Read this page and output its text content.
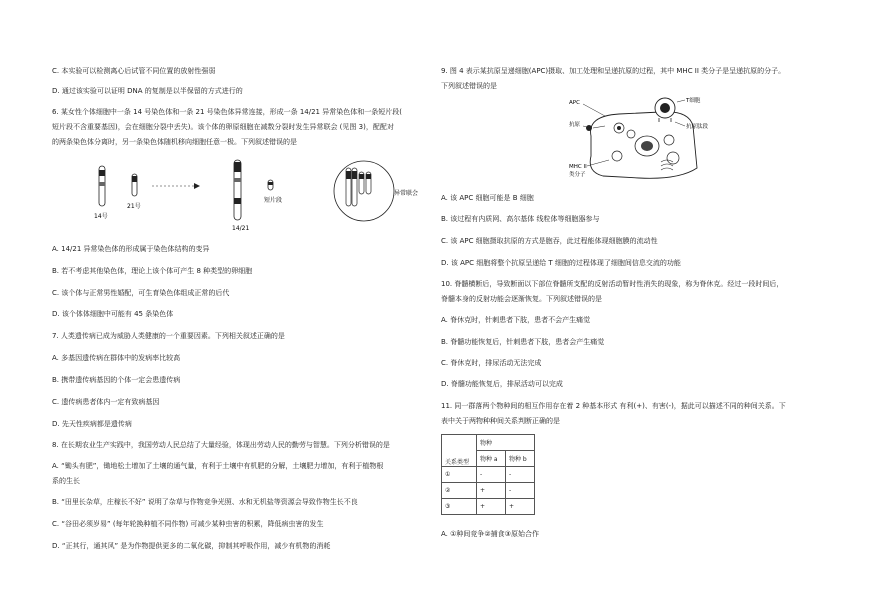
C. 本实验可以检测离心后试管不同位置的放射性强弱
D. 通过该实验可以证明 DNA 的复制是以半保留的方式进行的
6. 某女性个体细胞中一条 14 号染色体和一条 21 号染色体异常连接，形成一条 14/21 异常染色体和一条短片段(
短片段不含重要基因)，会在细胞分裂中丢失)。该个体的卵原细胞在减数分裂时发生异常联会 (见图 3)，配配对
的两条染色体分离时，另一条染色体随机移向细胞任意一极。下列叙述错误的是
14号
21号
14/21
短片段
异常联会
A. 14/21 异常染色体的形成属于染色体结构的变异
B. 若不考虑其他染色体，理论上该个体可产生 8 种类型的卵细胞
C. 该个体与正常男性婚配，可生育染色体组成正常的后代
D. 该个体体细胞中可能有 45 条染色体
7. 人类遗传病已成为威胁人类健康的一个重要因素。下列相关叙述正确的是
A. 多基因遗传病在群体中的发病率比较高
B. 携带遗传病基因的个体一定会患遗传病
C. 遗传病患者体内一定有致病基因
D. 先天性疾病都是遗传病
8. 在长期农业生产实践中，我国劳动人民总结了大量经验，体现出劳动人民的勤劳与智慧。下列分析错误的是
A. “锄头有肥”，锄地松土增加了土壤的通气量，有利于土壤中有机肥的分解，土壤肥力增加，有利于植物根
系的生长
B. “田里长杂草，庄稼长不好” 说明了杂草与作物竞争光照、水和无机盐等资源会导致作物生长不良
C. “谷田必须岁易” (每年轮换种植不同作物) 可减少某种虫害的积累，降低病虫害的发生
D. “正其行，通其风” 是为作物提供更多的二氧化碳，抑制其呼吸作用，减少有机物的消耗
9. 图 4 表示某抗原呈递细胞(APC)摄取、加工处理和呈递抗原的过程，其中 MHC II 类分子是呈递抗原的分子。
下列叙述错误的是
APC
抗原
T细胞
抗原肽段
MHC II
类分子
A. 该 APC 细胞可能是 B 细胞
B. 该过程有内质网、高尔基体 线粒体等细胞器参与
C. 该 APC 细胞摄取抗原的方式是胞吞，此过程能体现细胞膜的流动性
D. 该 APC 细胞将整个抗原呈递给 T 细胞的过程体现了细胞间信息交流的功能
10. 脊髓横断后，导致断面以下部位脊髓所支配的反射活动暂时性消失的现象，称为脊休克。经过一段时间后，
脊髓本身的反射功能会逐渐恢复。下列叙述错误的是
A. 脊休克时，针刺患者下肢，患者不会产生痛觉
B. 脊髓功能恢复后，针刺患者下肢，患者会产生痛觉
C. 脊休克时，排尿活动无法完成
D. 脊髓功能恢复后，排尿活动可以完成
11. 同一群落两个物种间的相互作用存在着 2 种基本形式 有利(+)、有害(-)，据此可以描述不同的种间关系。下
表中关于两物种种间关系判断正确的是
关系类型	物种	
	物种 a	物种 b
①	-	-
②	+	-
③	+	+
A. ①种间竞争②捕食③原始合作
